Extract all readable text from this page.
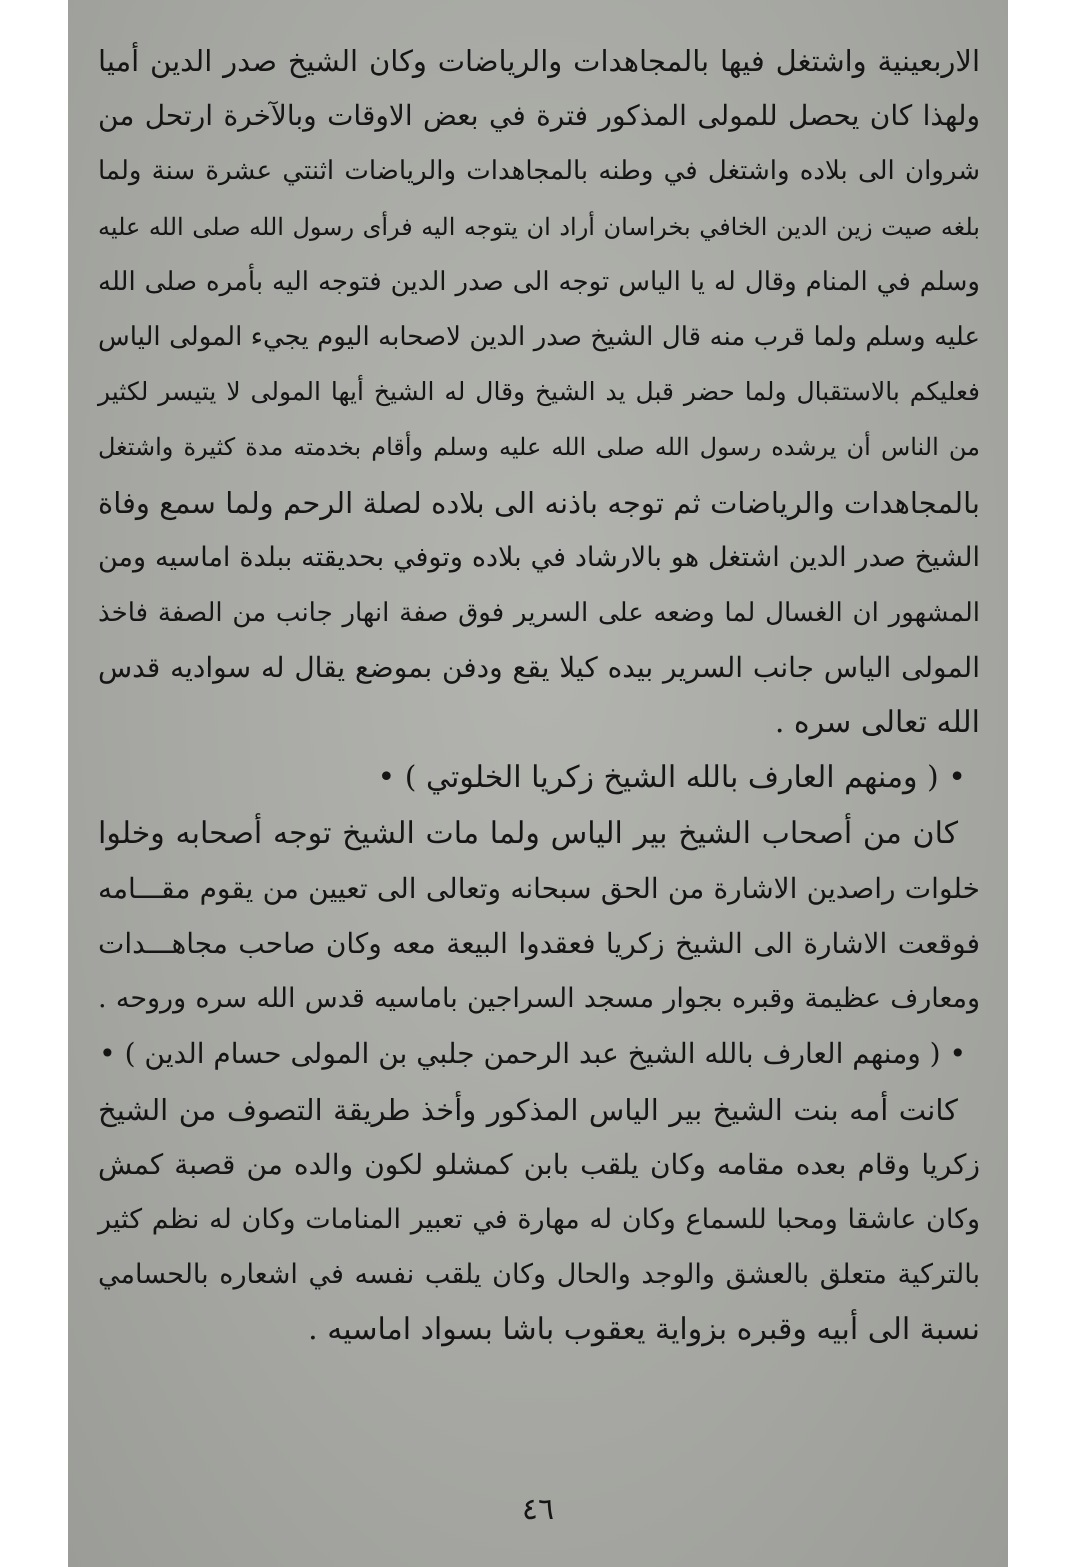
الاربعينية واشتغل فيها بالمجاهدات والرياضات وكان الشيخ صدر الدين أميا
ولهذا كان يحصل للمولى المذكور فترة في بعض الاوقات وبالآخرة ارتحل من
شروان الى بلاده واشتغل في وطنه بالمجاهدات والرياضات اثنتي عشرة سنة ولما
بلغه صيت زين الدين الخافي بخراسان أراد ان يتوجه اليه فرأى رسول الله صلى الله عليه
وسلم في المنام وقال له يا الياس توجه الى صدر الدين فتوجه اليه بأمره صلى الله
عليه وسلم ولما قرب منه قال الشيخ صدر الدين لاصحابه اليوم يجيء المولى الياس
فعليكم بالاستقبال ولما حضر قبل يد الشيخ وقال له الشيخ أيها المولى لا يتيسر لكثير
من الناس أن يرشده رسول الله صلى الله عليه وسلم وأقام بخدمته مدة كثيرة واشتغل
بالمجاهدات والرياضات ثم توجه باذنه الى بلاده لصلة الرحم ولما سمع وفاة
الشيخ صدر الدين اشتغل هو بالارشاد في بلاده وتوفي بحديقته ببلدة اماسيه ومن
المشهور ان الغسال لما وضعه على السرير فوق صفة انهار جانب من الصفة فاخذ
المولى الياس جانب السرير بيده كيلا يقع ودفن بموضع يقال له سواديه قدس
الله تعالى سره .
• ( ومنهم العارف بالله الشيخ زكريا الخلوتي ) •
كان من أصحاب الشيخ بير الياس ولما مات الشيخ توجه أصحابه وخلوا
خلوات راصدين الاشارة من الحق سبحانه وتعالى الى تعيين من يقوم مقـــامه
فوقعت الاشارة الى الشيخ زكريا فعقدوا البيعة معه وكان صاحب مجاهـــدات
ومعارف عظيمة وقبره بجوار مسجد السراجين باماسيه قدس الله سره وروحه .
• ( ومنهم العارف بالله الشيخ عبد الرحمن جلبي بن المولى حسام الدين ) •
كانت أمه بنت الشيخ بير الياس المذكور وأخذ طريقة التصوف من الشيخ
زكريا وقام بعده مقامه وكان يلقب بابن كمشلو لكون والده من قصبة كمش
وكان عاشقا ومحبا للسماع وكان له مهارة في تعبير المنامات وكان له نظم كثير
بالتركية متعلق بالعشق والوجد والحال وكان يلقب نفسه في اشعاره بالحسامي
نسبة الى أبيه وقبره بزواية يعقوب باشا بسواد اماسيه .
٤٦
